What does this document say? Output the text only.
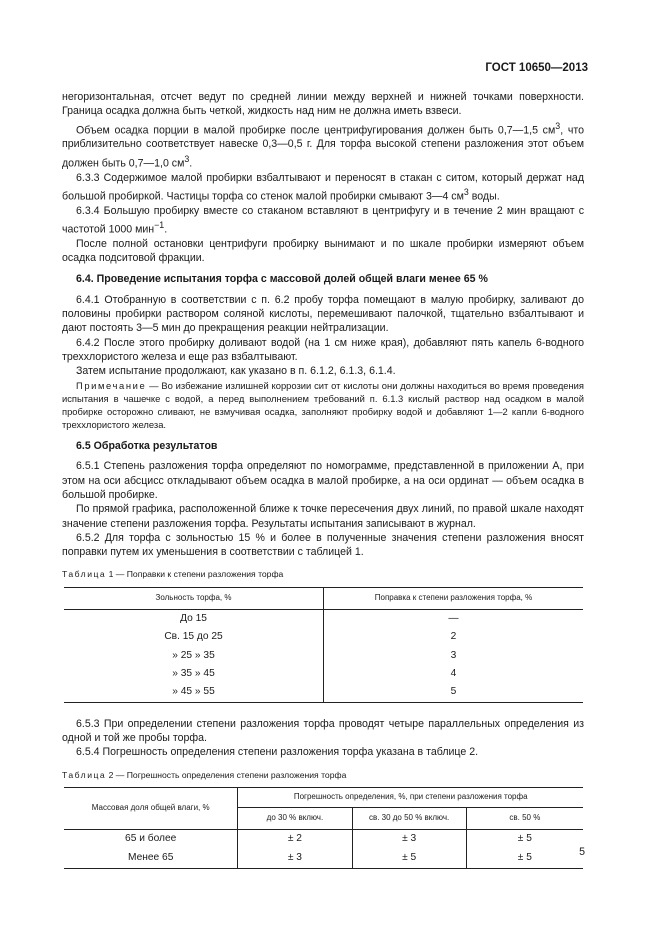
ГОСТ 10650—2013

негоризонтальная, отсчет ведут по средней линии между верхней и нижней точками поверхности. Граница осадка должна быть четкой, жидкость над ним не должна иметь взвеси.

Объем осадка порции в малой пробирке после центрифугирования должен быть 0,7—1,5 $см^3$, что приблизительно соответствует навеске 0,3—0,5 г. Для торфа высокой степени разложения этот объем должен быть 0,7—1,0 $см^3$.

6.3.3 Содержимое малой пробирки взбалтывают и переносят в стакан с ситом, который держат над большой пробиркой. Частицы торфа со стенок малой пробирки смывают 3—4 $см^3$ воды.

6.3.4 Большую пробирку вместе со стаканом вставляют в центрифугу и в течение 2 мин вращают с частотой 1000 мин$^{-1}$.

После полной остановки центрифуги пробирку вынимают и по шкале пробирки измеряют объем осадка подситовой фракции.

6.4. Проведение испытания торфа с массовой долей общей влаги менее 65 %

6.4.1 Отобранную в соответствии с п. 6.2 пробу торфа помещают в малую пробирку, заливают до половины пробирки раствором соляной кислоты, перемешивают палочкой, тщательно взбалтывают и дают постоять 3—5 мин до прекращения реакции нейтрализации.

6.4.2 После этого пробирку доливают водой (на 1 см ниже края), добавляют пять капель 6-водного треххлористого железа и еще раз взбалтывают.

Затем испытание продолжают, как указано в п. 6.1.2, 6.1.3, 6.1.4.

Примечание — Во избежание излишней коррозии сит от кислоты они должны находиться во время проведения испытания в чашечке с водой, а перед выполнением требований п. 6.1.3 кислый раствор над осадком в малой пробирке осторожно сливают, не взмучивая осадка, заполняют пробирку водой и добавляют 1—2 капли 6-водного треххлористого железа.

6.5 Обработка результатов

6.5.1 Степень разложения торфа определяют по номограмме, представленной в приложении А, при этом на оси абсцисс откладывают объем осадка в малой пробирке, а на оси ординат — объем осадка в большой пробирке.

По прямой графика, расположенной ближе к точке пересечения двух линий, по правой шкале находят значение степени разложения торфа. Результаты испытания записывают в журнал.

6.5.2 Для торфа с зольностью 15 % и более в полученные значения степени разложения вносят поправки путем их уменьшения в соответствии с таблицей 1.

Таблица 1 — Поправки к степени разложения торфа

Зольность торфа, %	Поправка к степени разложения торфа, %
До 15	—
Св. 15 до 25	2
» 25 » 35	3
» 35 » 45	4
» 45 » 55	5

6.5.3 При определении степени разложения торфа проводят четыре параллельных определения из одной и той же пробы торфа.

6.5.4 Погрешность определения степени разложения торфа указана в таблице 2.

Таблица 2 — Погрешность определения степени разложения торфа

Массовая доля общей влаги, %	Погрешность определения, %, при степени разложения торфа		
	до 30 % включ.	св. 30 до 50 % включ.	св. 50 %
65 и более	± 2	± 3	± 5
Менее 65	± 3	± 5	± 5	5
